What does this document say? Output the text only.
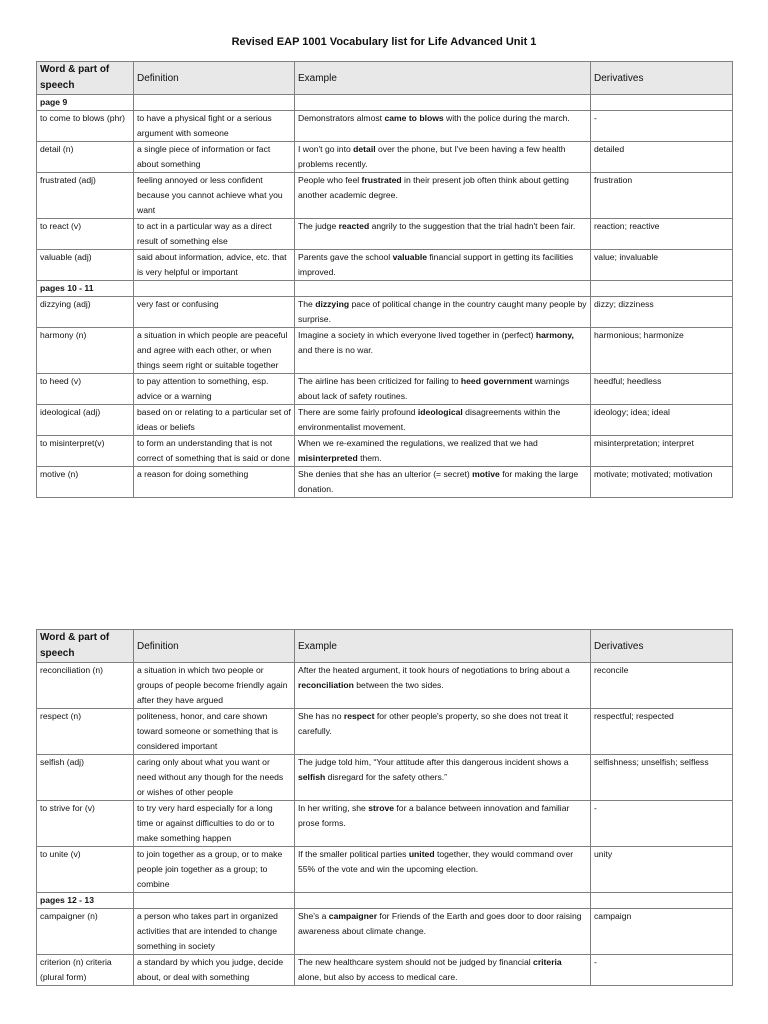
Revised EAP 1001 Vocabulary list for Life Advanced Unit 1
Word & part of speech	Definition	Example	Derivatives
page 9			
to come to blows (phr)	to have a physical fight or a serious argument with someone	Demonstrators almost came to blows with the police during the march.	-
detail (n)	a single piece of information or fact about something	I won't go into detail over the phone, but I've been having a few health problems recently.	detailed
frustrated (adj)	feeling annoyed or less confident because you cannot achieve what you want	People who feel frustrated in their present job often think about getting another academic degree.	frustration
to react (v)	to act in a particular way as a direct result of something else	The judge reacted angrily to the suggestion that the trial hadn't been fair.	reaction; reactive
valuable (adj)	said about information, advice, etc. that is very helpful or important	Parents gave the school valuable financial support in getting its facilities improved.	value; invaluable
pages 10 - 11			
dizzying (adj)	very fast or confusing	The dizzying pace of political change in the country caught many people by surprise.	dizzy; dizziness
harmony (n)	a situation in which people are peaceful and agree with each other, or when things seem right or suitable together	Imagine a society in which everyone lived together in (perfect) harmony, and there is no war.	harmonious; harmonize
to heed (v)	to pay attention to something, esp. advice or a warning	The airline has been criticized for failing to heed government warnings about lack of safety routines.	heedful; heedless
ideological (adj)	based on or relating to a particular set of ideas or beliefs	There are some fairly profound ideological disagreements within the environmentalist movement.	ideology; idea; ideal
to misinterpret(v)	to form an understanding that is not correct of something that is said or done	When we re-examined the regulations, we realized that we had misinterpreted them.	misinterpretation; interpret
motive (n)	a reason for doing something	She denies that she has an ulterior (= secret) motive for making the large donation.	motivate; motivated; motivation
Word & part of speech	Definition	Example	Derivatives
reconciliation (n)	a situation in which two people or groups of people become friendly again after they have argued	After the heated argument, it took hours of negotiations to bring about a reconciliation between the two sides.	reconcile
respect (n)	politeness, honor, and care shown toward someone or something that is considered important	She has no respect for other people's property, so she does not treat it carefully.	respectful; respected
selfish (adj)	caring only about what you want or need without any though for the needs or wishes of other people	The judge told him, “Your attitude after this dangerous incident shows a selfish disregard for the safety others.”	selfishness; unselfish; selfless
to strive for (v)	to try very hard especially for a long time or against difficulties to do or to make something happen	In her writing, she strove for a balance between innovation and familiar prose forms.	-
to unite (v)	to join together as a group, or to make people join together as a group; to combine	If the smaller political parties united together, they would command over 55% of the vote and win the upcoming election.	unity
pages 12 - 13			
campaigner (n)	a person who takes part in organized activities that are intended to change something in society	She's a campaigner for Friends of the Earth and goes door to door raising awareness about climate change.	campaign
criterion (n) criteria (plural form)	a standard by which you judge, decide about, or deal with something	The new healthcare system should not be judged by financial criteria alone, but also by access to medical care.	-
